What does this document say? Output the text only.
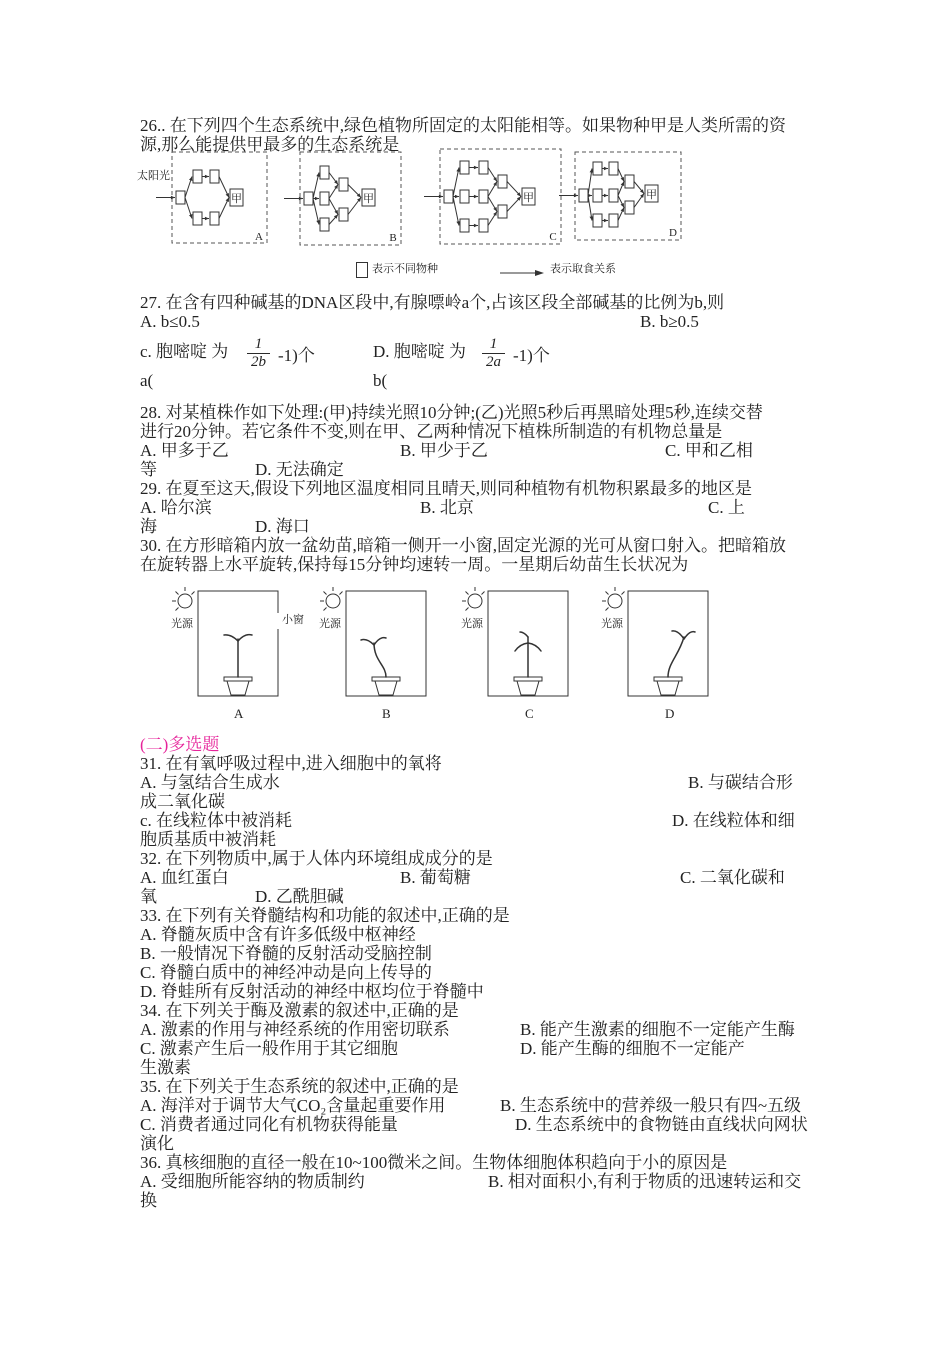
26.. 在下列四个生态系统中,绿色植物所固定的太阳能相等。如果物种甲是人类所需的资
源,那么能提供甲最多的生态系统是
太阳光
甲
A
甲
B
甲
C
甲
D
表示不同物种	表示取食关系
27. 在含有四种碱基的DNA区段中,有腺嘌岭a个,占该区段全部碱基的比例为b,则
A. b≤0.5	B. b≥0.5
c. 胞嘧啶 为
a(
$\frac{1}{2b} -1$)个	D. 胞嘧啶 为
b(
$\frac{1}{2a} -1$)个
28. 对某植株作如下处理:(甲)持续光照10分钟;(乙)光照5秒后再黑暗处理5秒,连续交替
进行20分钟。若它条件不变,则在甲、乙两种情况下植株所制造的有机物总量是
A. 甲多于乙	B. 甲少于乙	C. 甲和乙相
等	D. 无法确定
29. 在夏至这天,假设下列地区温度相同且晴天,则同种植物有机物积累最多的地区是
A. 哈尔滨	B. 北京	C. 上
海	D. 海口
30. 在方形暗箱内放一盆幼苗,暗箱一侧开一小窗,固定光源的光可从窗口射入。把暗箱放
在旋转器上水平旋转,保持每15分钟均速转一周。一星期后幼苗生长状况为
光源	小窗 光源	光源	光源
A	B	C	D
(二)多选题
31. 在有氧呼吸过程中,进入细胞中的氧将
A. 与氢结合生成水	B. 与碳结合形
成二氧化碳
c. 在线粒体中被消耗	D. 在线粒体和细
胞质基质中被消耗
32. 在下列物质中,属于人体内环境组成成分的是
A. 血红蛋白	B. 葡萄糖	C. 二氧化碳和
氧	D. 乙酰胆碱
33. 在下列有关脊髓结构和功能的叙述中,正确的是
A. 脊髓灰质中含有许多低级中枢神经
B. 一般情况下脊髓的反射活动受脑控制
C. 脊髓白质中的神经冲动是向上传导的
D. 脊蛙所有反射活动的神经中枢均位于脊髓中
34. 在下列关于酶及激素的叙述中,正确的是
A. 激素的作用与神经系统的作用密切联系	B. 能产生激素的细胞不一定能产生酶
C. 激素产生后一般作用于其它细胞	D. 能产生酶的细胞不一定能产
生激素
35. 在下列关于生态系统的叙述中,正确的是
A. 海洋对于调节大气CO₂含量起重要作用	B. 生态系统中的营养级一般只有四~五级
C. 消费者通过同化有机物获得能量	D. 生态系统中的食物链由直线状向网状
演化
36. 真核细胞的直径一般在10~100微米之间。生物体细胞体积趋向于小的原因是
A. 受细胞所能容纳的物质制约	B. 相对面积小,有利于物质的迅速转运和交
换
